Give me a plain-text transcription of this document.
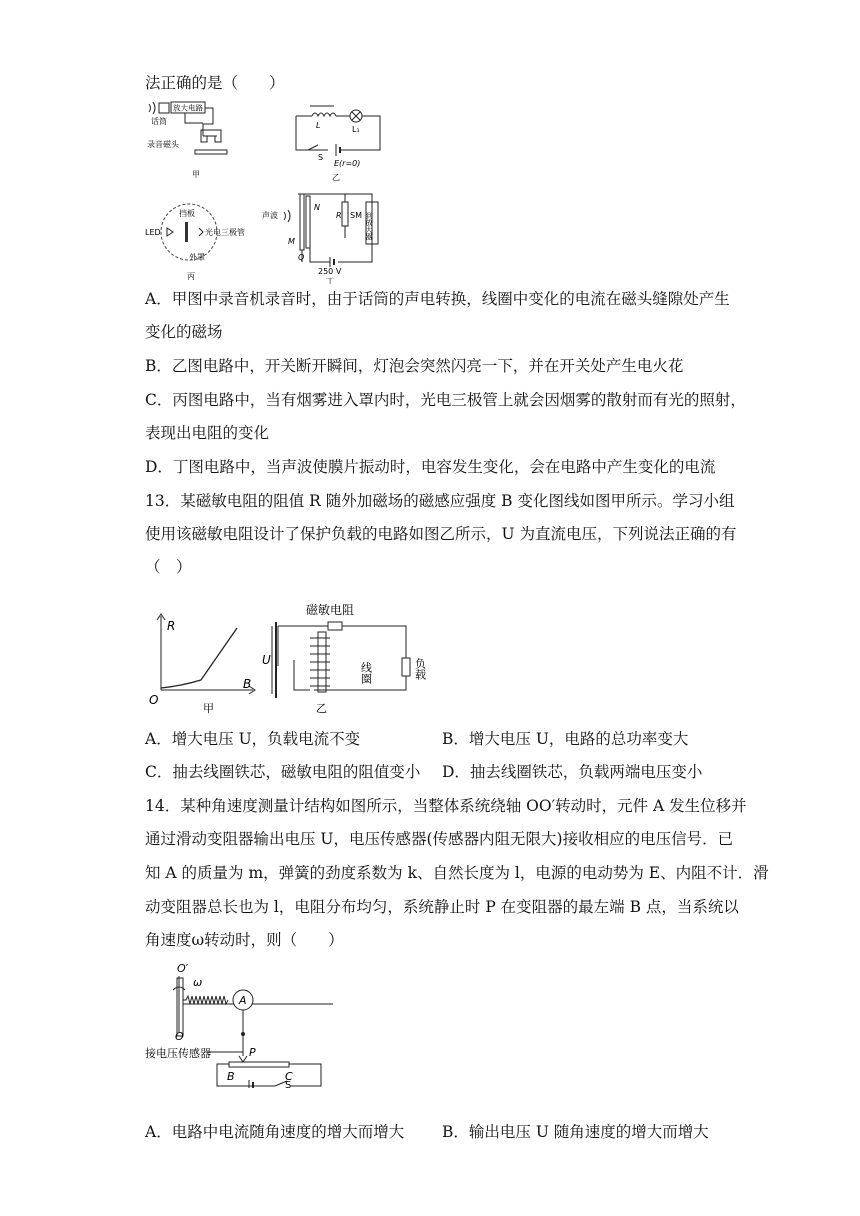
法正确的是（　　）
放大电路
话筒
录音磁头
甲
L	L₁
S
E(r=0)
乙
LED
挡板
光电三极管
外罩
丙
声波
N
M
Q
R SM 到放大器
250 V
丁
A．甲图中录音机录音时，由于话筒的声电转换，线圈中变化的电流在磁头缝隙处产生
变化的磁场
B．乙图电路中，开关断开瞬间，灯泡会突然闪亮一下，并在开关处产生电火花
C．丙图电路中，当有烟雾进入罩内时，光电三极管上就会因烟雾的散射而有光的照射，
表现出电阻的变化
D．丁图电路中，当声波使膜片振动时，电容发生变化，会在电路中产生变化的电流
13．某磁敏电阻的阻值 R 随外加磁场的磁感应强度 B 变化图线如图甲所示。学习小组
使用该磁敏电阻设计了保护负载的电路如图乙所示，U 为直流电压，下列说法正确的有
（　）
R
B
O
甲
磁敏电阻
U
线圈	负载
乙
A．增大电压 U，负载电流不变	B．增大电压 U，电路的总功率变大
C．抽去线圈铁芯，磁敏电阻的阻值变小 D．抽去线圈铁芯，负载两端电压变小
14．某种角速度测量计结构如图所示，当整体系统绕轴 OO′转动时，元件 A 发生位移并
通过滑动变阻器输出电压 U，电压传感器(传感器内阻无限大)接收相应的电压信号．已
知 A 的质量为 m，弹簧的劲度系数为 k、自然长度为 l，电源的电动势为 E、内阻不计．滑
动变阻器总长也为 l，电阻分布均匀，系统静止时 P 在变阻器的最左端 B 点，当系统以
角速度ω转动时，则（　　）
O′
ω
A
O
接电压传感器	P
B	C
S
A．电路中电流随角速度的增大而增大 B．输出电压 U 随角速度的增大而增大
